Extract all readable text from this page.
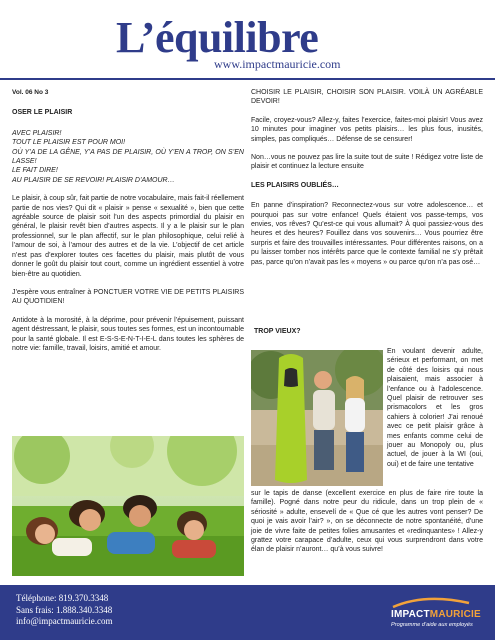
L’équilibre
www.impactmauricie.com

Vol. 06 No 3

OSER LE PLAISIR

AVEC PLAISIR!
TOUT LE PLAISIR EST POUR MOI!
OÙ Y’A DE LA GÊNE, Y’A PAS DE PLAISIR, OÙ Y’EN A TROP, ON S’EN LASSE!
LE FAIT DIRE!
AU PLAISIR DE SE REVOIR! PLAISIR D’AMOUR…

Le plaisir, à coup sûr, fait partie de notre vocabulaire, mais fait-il réellement partie de nos vies? Qui dit « plaisir » pense « sexualité », bien que cette agréable source de plaisir soit l’un des aspects primordial du plaisir en général, le plaisir revêt bien d’autres aspects. Il y a le plaisir sur le plan professionnel, sur le plan affectif, sur le plan philosophique, celui relié à l’amour de soi, à l’amour des autres et de la vie. L’objectif de cet article n’est pas d’explorer toutes ces facettes du plaisir, mais plutôt de vous donner le goût du plaisir tout court, comme un ingrédient essentiel à votre bien-être au quotidien.

J’espère vous entraîner à PONCTUER VOTRE VIE DE PETITS PLAISIRS AU QUOTIDIEN!

Antidote à la morosité, à la déprime, pour prévenir l’épuisement, puissant agent déstressant, le plaisir, sous toutes ses formes, est un incontournable pour la santé globale. Il est E-S-S-E-N-T-I-E-L dans toutes les sphères de notre vie: famille, travail, loisirs, amitié et amour.

CHOISIR LE PLAISIR, CHOISIR SON PLAISIR. VOILÀ UN AGRÉABLE DEVOIR!

Facile, croyez-vous? Allez-y, faites l’exercice, faites-moi plaisir! Vous avez 10 minutes pour imaginer vos petits plaisirs… les plus fous, inusités, simples, pas compliqués… Défense de se censurer!

Non…vous ne pouvez pas lire la suite tout de suite ! Rédigez votre liste de plaisir et continuez la lecture ensuite

LES PLAISIRS OUBLIÉS…

En panne d’inspiration? Reconnectez-vous sur votre adolescence… et pourquoi pas sur votre enfance! Quels étaient vos passe-temps, vos envies, vos rêves? Qu’est-ce qui vous allumait? À quoi passiez-vous des heures et des heures? Fouillez dans vos souvenirs… Vous pourriez être surpris et faire des trouvailles intéressantes. Pour différentes raisons, on a pu laisser tomber nos intérêts parce que le contexte familial ne s’y prêtait pas, parce qu’on n’avait pas les « moyens » ou parce qu’on n’a pas osé…

TROP VIEUX?
En voulant devenir adulte, sérieux et performant, on met de côté des loisirs qui nous plaisaient, mais associer à l’enfance ou à l’adolescence. Quel plaisir de retrouver ses prismacolors et les gros cahiers à colorier! J’ai renoué avec ce petit plaisir grâce à mes enfants comme celui de jouer au Monopoly ou, plus actuel, de jouer à la WI (oui, oui) et de faire une tentative
sur le tapis de danse (excellent exercice en plus de faire rire toute la famille). Pogné dans notre peur du ridicule, dans un trop plein de « sériosité » adulte, ensevelí de « Que cé que les autres vont penser? De quoi je vais avoir l’air? », on se déconnecte de notre spontanéité, d’une joie de vivre faite de petites folies amusantes et «redinquantes» ! Allez-y grattez votre carapace d’adulte, ceux qui vous surprendront dans votre élan de plaisir n’auront… qu’à vous suivre!
Téléphone: 819.370.3348
Sans frais: 1.888.340.3348
info@impactmauricie.com
IMPACTMAURICIE
Programme d’aide aux employés
